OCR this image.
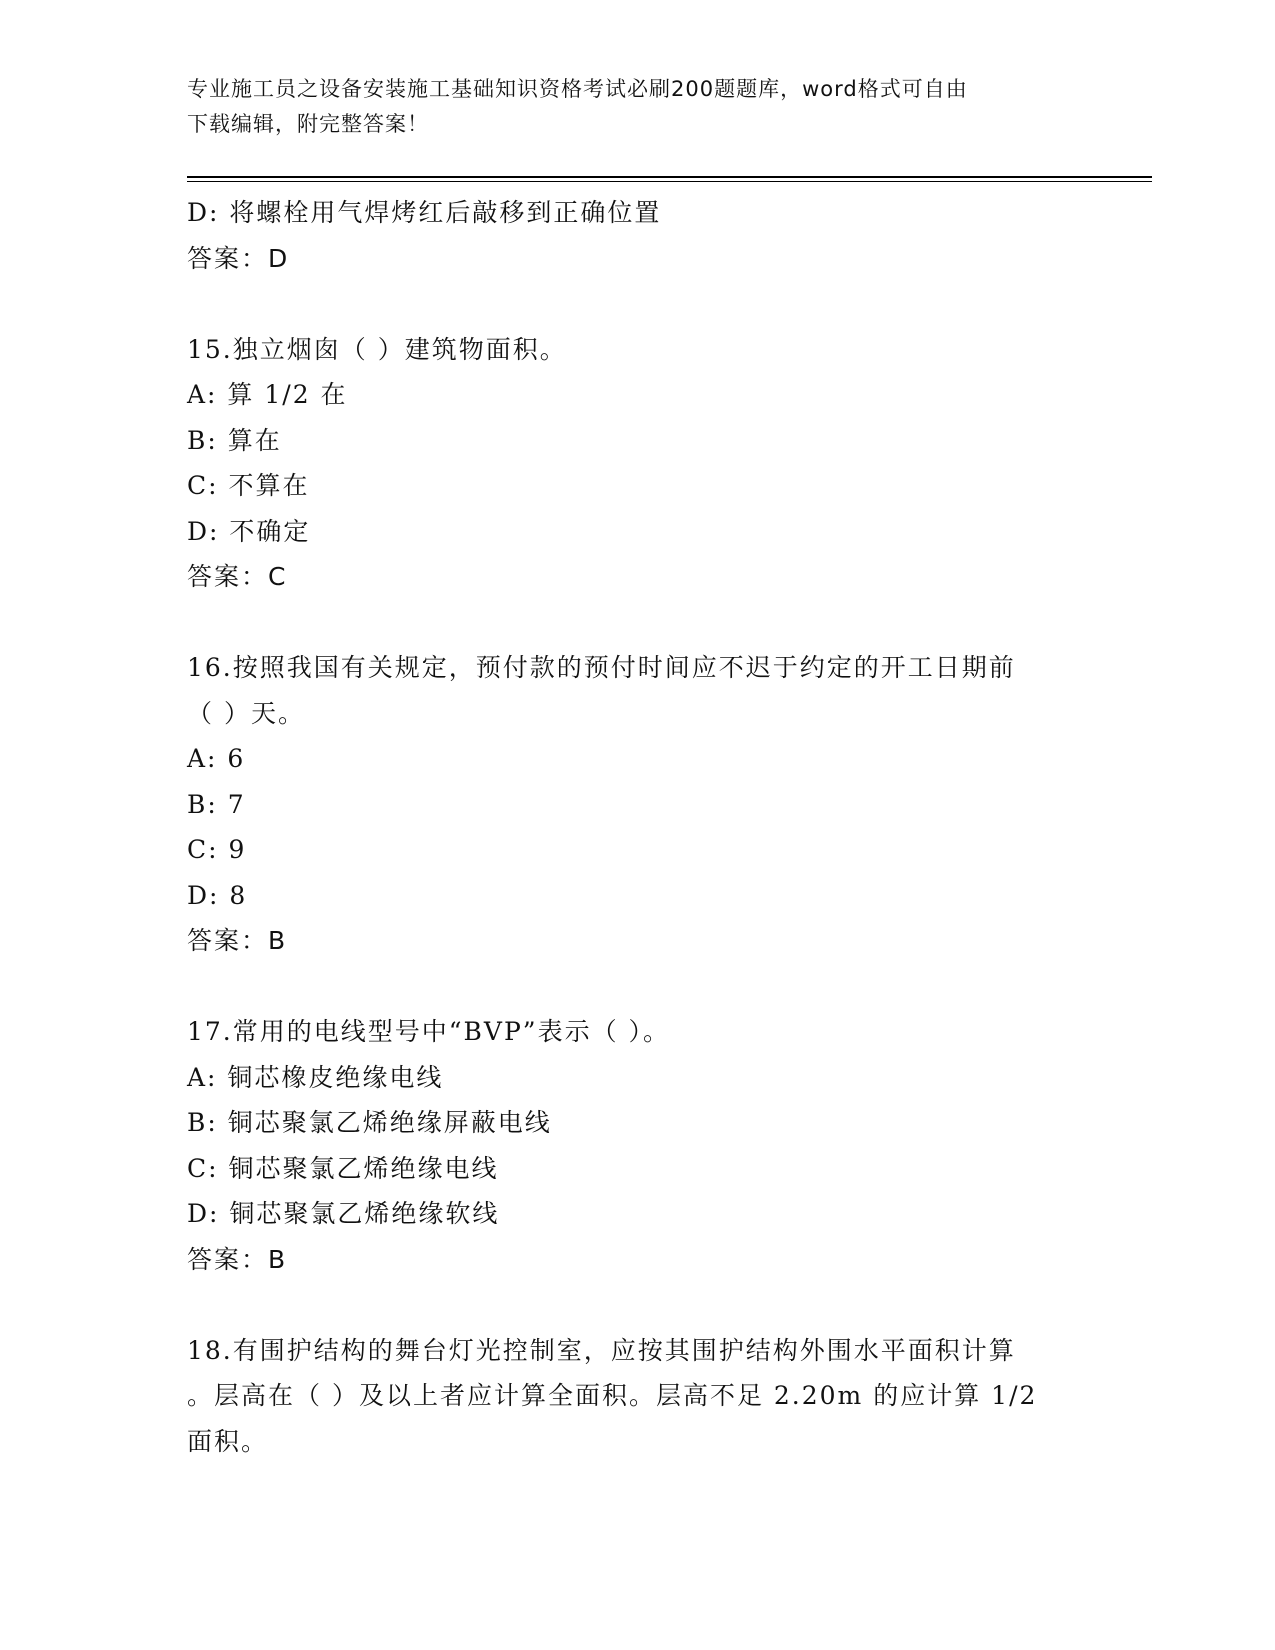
专业施工员之设备安装施工基础知识资格考试必刷200题题库，word格式可自由
下载编辑，附完整答案！
D: 将螺栓用气焊烤红后敲移到正确位置
答案：D
15.独立烟囱（ ）建筑物面积。
A: 算 1/2 在
B: 算在
C: 不算在
D: 不确定
答案：C
16.按照我国有关规定，预付款的预付时间应不迟于约定的开工日期前
（ ）天。
A: 6
B: 7
C: 9
D: 8
答案：B
17.常用的电线型号中“BVP”表示（ ）。
A: 铜芯橡皮绝缘电线
B: 铜芯聚氯乙烯绝缘屏蔽电线
C: 铜芯聚氯乙烯绝缘电线
D: 铜芯聚氯乙烯绝缘软线
答案：B
18.有围护结构的舞台灯光控制室，应按其围护结构外围水平面积计算
。层高在（ ）及以上者应计算全面积。层高不足 2.20m 的应计算 1/2
面积。
